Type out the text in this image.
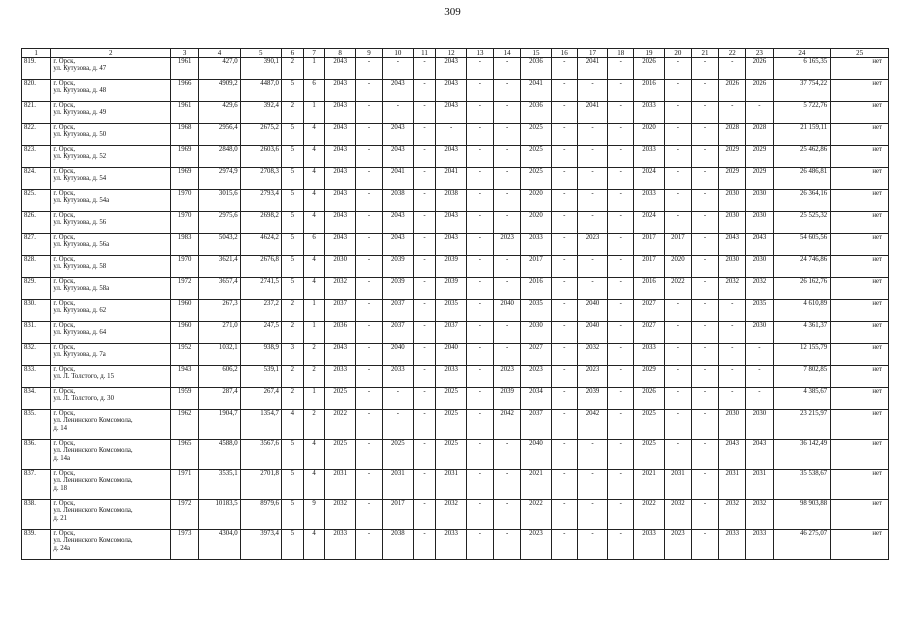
309
1	2	3	4	5	6	7	8	9	10	11	12	13	14	15	16	17	18	19	20	21	22	23	24	25
819.	г. Орск,
ул. Кутузова, д. 47	1961	427,0	390,1	2	1	2043	-	-	-	2043	-	-	2036	-	2041	-	2026	-	-	-	2026	6 165,35	нет
820.	г. Орск,
ул. Кутузова, д. 48	1966	4909,2	4487,0	5	6	2043	-	2043	-	2043	-	-	2041	-	-	-	2016	-	-	2026	2026	37 754,22	нет
821.	г. Орск,
ул. Кутузова, д. 49	1961	429,6	392,4	2	1	2043	-	-	-	2043	-	-	2036	-	2041	-	2033	-	-	-	-	5 722,76	нет
822.	г. Орск,
ул. Кутузова, д. 50	1968	2956,4	2675,2	5	4	2043	-	2043	-	-	-	-	2025	-	-	-	2020	-	-	2028	2028	21 159,11	нет
823.	г. Орск,
ул. Кутузова, д. 52	1969	2848,0	2603,6	5	4	2043	-	2043	-	2043	-	-	2025	-	-	-	2033	-	-	2029	2029	25 462,86	нет
824.	г. Орск,
ул. Кутузова, д. 54	1969	2974,9	2708,3	5	4	2043	-	2041	-	2041	-	-	2025	-	-	-	2024	-	-	2029	2029	26 486,81	нет
825.	г. Орск,
ул. Кутузова, д. 54а	1970	3015,6	2793,4	5	4	2043	-	2038	-	2038	-	-	2020	-	-	-	2033	-	-	2030	2030	26 364,16	нет
826.	г. Орск,
ул. Кутузова, д. 56	1970	2975,6	2698,2	5	4	2043	-	2043	-	2043	-	-	2020	-	-	-	2024	-	-	2030	2030	25 525,32	нет
827.	г. Орск,
ул. Кутузова, д. 56а	1983	5043,2	4624,2	5	6	2043	-	2043	-	2043	-	2023	2033	-	2023	-	2017	2017	-	2043	2043	54 605,56	нет
828.	г. Орск,
ул. Кутузова, д. 58	1970	3621,4	2676,8	5	4	2030	-	2039	-	2039	-	-	2017	-	-	-	2017	2020	-	2030	2030	24 746,86	нет
829.	г. Орск,
ул. Кутузова, д. 58а	1972	3657,4	2741,5	5	4	2032	-	2039	-	2039	-	-	2016	-	-	-	2016	2022	-	2032	2032	26 162,76	нет
830.	г. Орск,
ул. Кутузова, д. 62	1960	267,3	237,2	2	1	2037	-	2037	-	2035	-	2040	2035	-	2040	-	2027	-	-	-	2035	4 610,89	нет
831.	г. Орск,
ул. Кутузова, д. 64	1960	271,0	247,5	2	1	2036	-	2037	-	2037	-	-	2030	-	2040	-	2027	-	-	-	2030	4 361,37	нет
832.	г. Орск,
ул. Кутузова, д. 7а	1952	1032,1	938,9	3	2	2043	-	2040	-	2040	-	-	2027	-	2032	-	2033	-	-	-	-	12 155,79	нет
833.	г. Орск,
ул. Л. Толстого, д. 15	1943	606,2	539,1	2	2	2033	-	2033	-	2033	-	2023	2023	-	2023	-	2029	-	-	-	-	7 802,85	нет
834.	г. Орск,
ул. Л. Толстого, д. 30	1959	287,4	267,4	2	1	2025	-	-	-	2025	-	2039	2034	-	2039	-	2026	-	-	-	-	4 385,67	нет
835.	г. Орск,
ул. Ленинского Комсомола,
д. 14	1962	1904,7	1354,7	4	2	2022	-	-	-	2025	-	2042	2037	-	2042	-	2025	-	-	2030	2030	23 215,97	нет
836.	г. Орск,
ул. Ленинского Комсомола,
д. 14а	1965	4588,0	3567,6	5	4	2025	-	2025	-	2025	-	-	2040	-	-	-	2025	-	-	2043	2043	36 142,49	нет
837.	г. Орск,
ул. Ленинского Комсомола,
д. 18	1971	3535,1	2701,8	5	4	2031	-	2031	-	2031	-	-	2021	-	-	-	2021	2031	-	2031	2031	35 538,67	нет
838.	г. Орск,
ул. Ленинского Комсомола,
д. 21	1972	10183,5	8979,6	5	9	2032	-	2017	-	2032	-	-	2022	-	-	-	2022	2032	-	2032	2032	98 903,88	нет
839.	г. Орск,
ул. Ленинского Комсомола,
д. 24а	1973	4304,0	3973,4	5	4	2033	-	2038	-	2033	-	-	2023	-	-	-	2033	2023	-	2033	2033	46 275,07	нет
